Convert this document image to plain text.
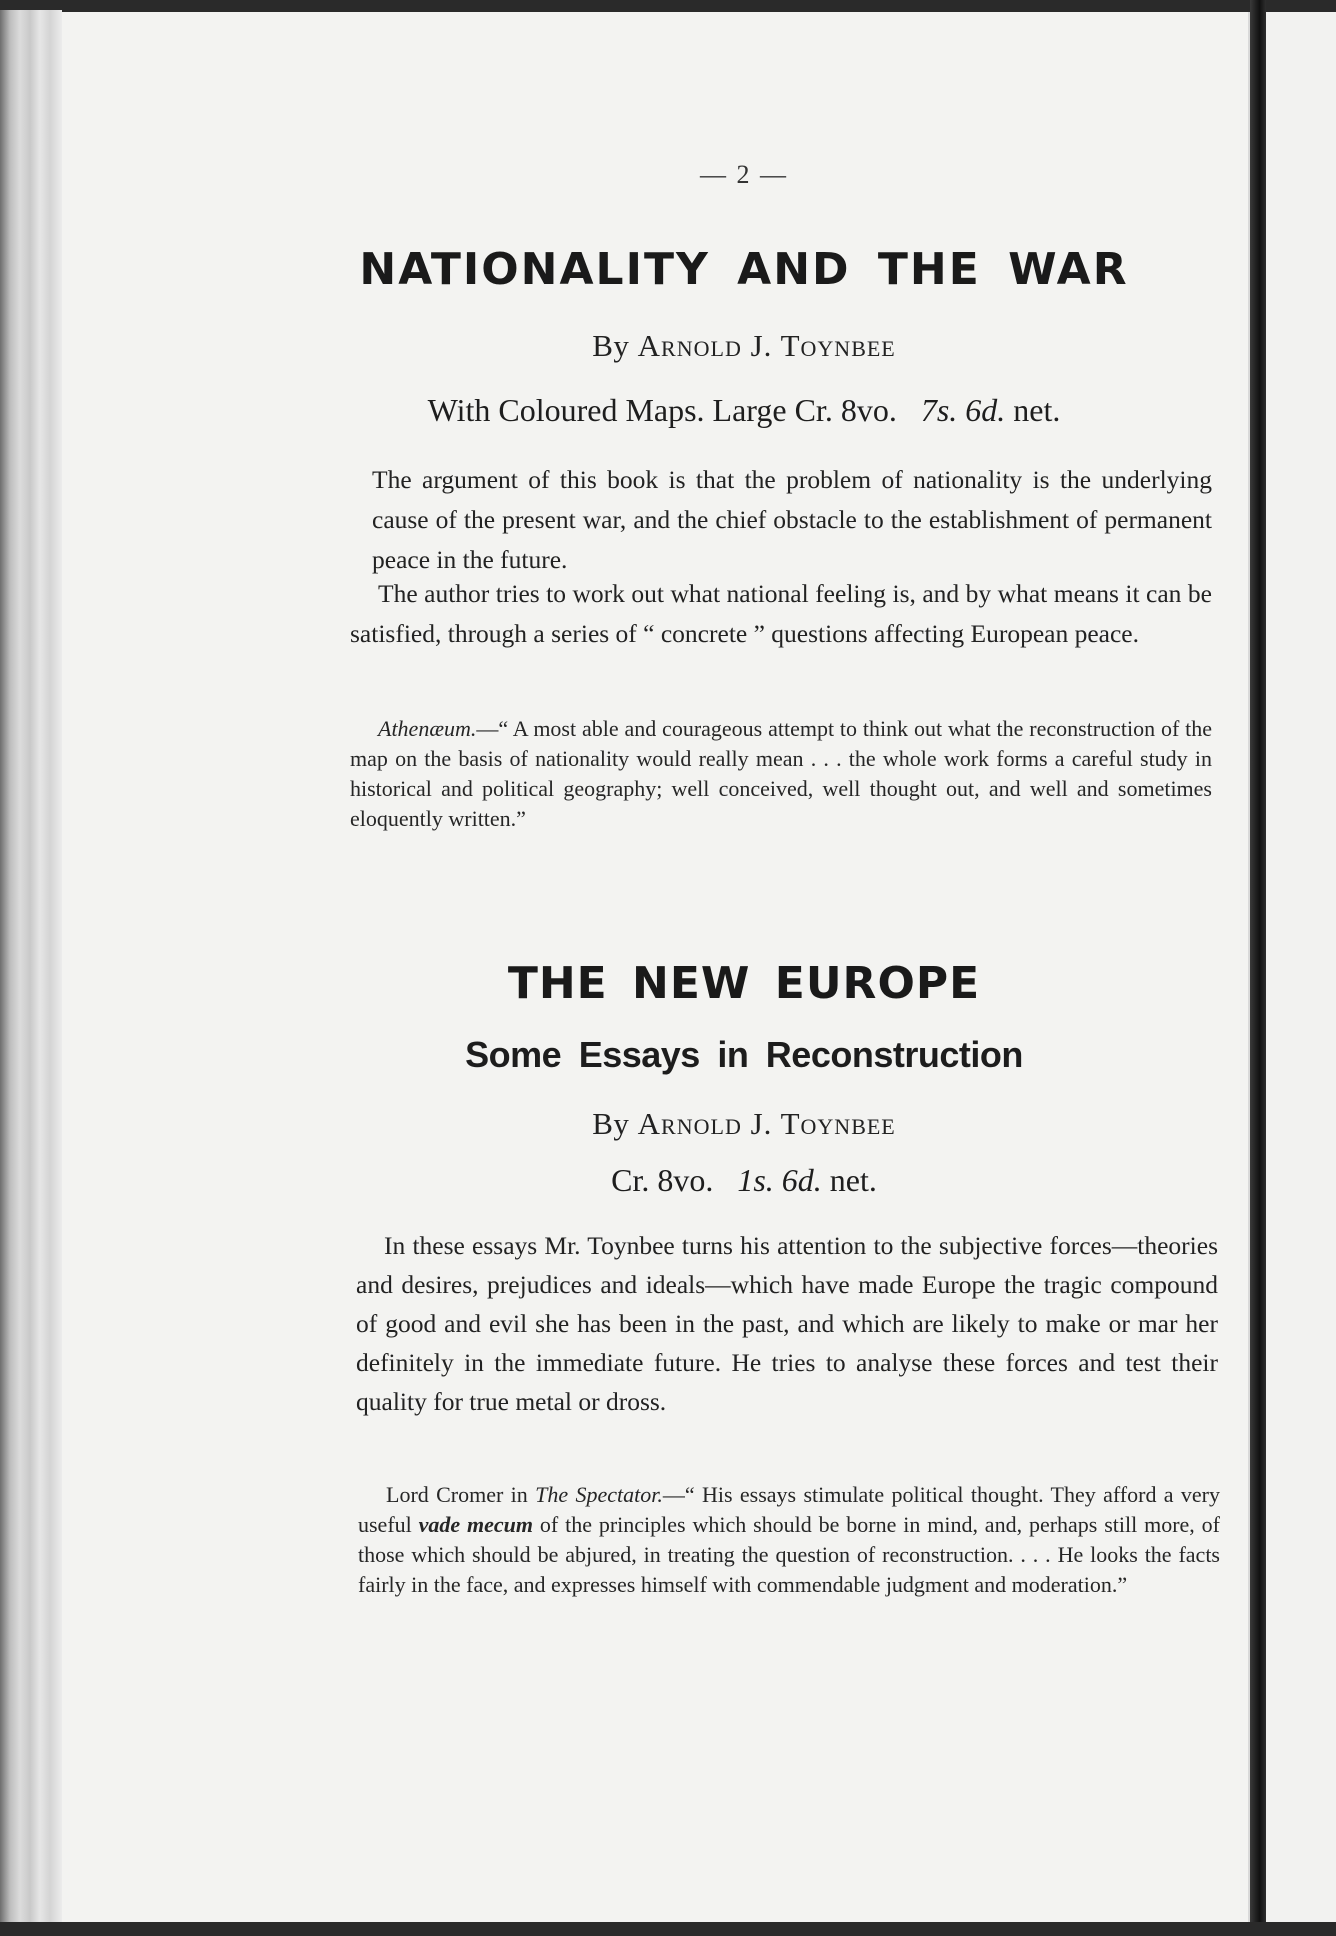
— 2 —
NATIONALITY AND THE WAR
By Arnold J. Toynbee
With Coloured Maps. Large Cr. 8vo. 7s. 6d. net.

The argument of this book is that the problem of nationality is the underlying cause of the present war, and the chief obstacle to the establishment of permanent peace in the future.

The author tries to work out what national feeling is, and by what means it can be satisfied, through a series of “ concrete ” questions affecting European peace.

Athenæum.—“ A most able and courageous attempt to think out what the reconstruction of the map on the basis of nationality would really mean . . . the whole work forms a careful study in historical and political geography; well conceived, well thought out, and well and sometimes eloquently written.”

THE NEW EUROPE
Some Essays in Reconstruction
By Arnold J. Toynbee
Cr. 8vo. 1s. 6d. net.

In these essays Mr. Toynbee turns his attention to the subjective forces—theories and desires, prejudices and ideals—which have made Europe the tragic compound of good and evil she has been in the past, and which are likely to make or mar her definitely in the immediate future. He tries to analyse these forces and test their quality for true metal or dross.

Lord Cromer in The Spectator.—“ His essays stimulate political thought. They afford a very useful vade mecum of the principles which should be borne in mind, and, perhaps still more, of those which should be abjured, in treating the question of reconstruction. . . . He looks the facts fairly in the face, and expresses himself with commendable judgment and moderation.”
